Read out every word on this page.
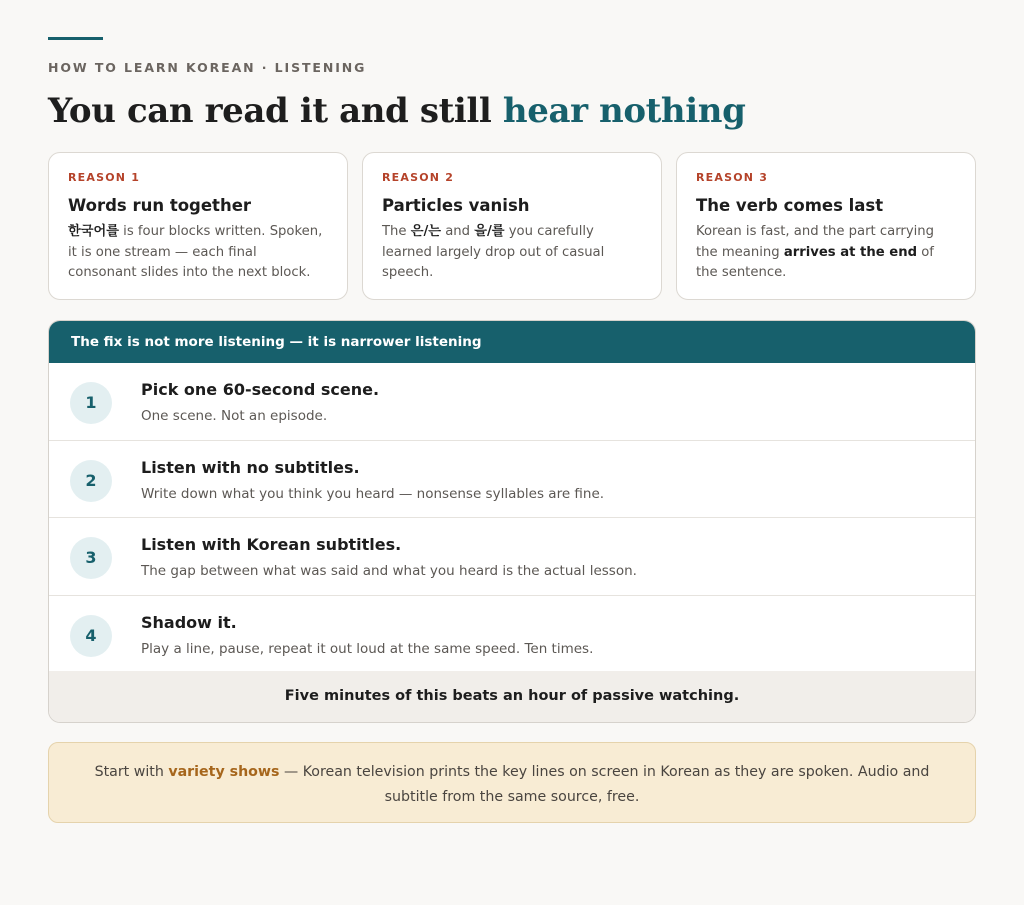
HOW TO LEARN KOREAN · LISTENING
You can read it and still hear nothing
REASON 1
Words run together
한국어를 is four blocks written. Spoken, it is one stream — each final consonant slides into the next block.
REASON 2
Particles vanish
The 은/는 and 을/를 you carefully learned largely drop out of casual speech.
REASON 3
The verb comes last
Korean is fast, and the part carrying the meaning arrives at the end of the sentence.
The fix is not more listening — it is narrower listening
1
Pick one 60-second scene.
One scene. Not an episode.
2
Listen with no subtitles.
Write down what you think you heard — nonsense syllables are fine.
3
Listen with Korean subtitles.
The gap between what was said and what you heard is the actual lesson.
4
Shadow it.
Play a line, pause, repeat it out loud at the same speed. Ten times.
Five minutes of this beats an hour of passive watching.
Start with variety shows — Korean television prints the key lines on screen in Korean as they are spoken. Audio and subtitle from the same source, free.
